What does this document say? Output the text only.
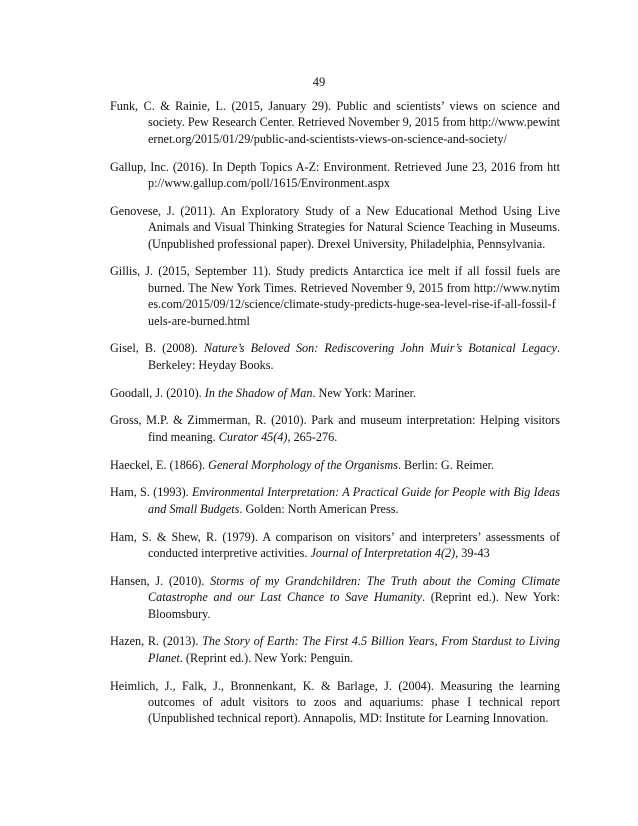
49

Funk, C. & Rainie, L. (2015, January 29). Public and scientists’ views on science and society. Pew Research Center. Retrieved November 9, 2015 from http://www.pewinternet.org/2015/01/29/public-and-scientists-views-on-science-and-society/

Gallup, Inc. (2016). In Depth Topics A-Z: Environment. Retrieved June 23, 2016 from http://www.gallup.com/poll/1615/Environment.aspx

Genovese, J. (2011). An Exploratory Study of a New Educational Method Using Live Animals and Visual Thinking Strategies for Natural Science Teaching in Museums. (Unpublished professional paper). Drexel University, Philadelphia, Pennsylvania.

Gillis, J. (2015, September 11). Study predicts Antarctica ice melt if all fossil fuels are burned. The New York Times. Retrieved November 9, 2015 from http://www.nytimes.com/2015/09/12/science/climate-study-predicts-huge-sea-level-rise-if-all-fossil-fuels-are-burned.html

Gisel, B. (2008). Nature’s Beloved Son: Rediscovering John Muir’s Botanical Legacy. Berkeley: Heyday Books.

Goodall, J. (2010). In the Shadow of Man. New York: Mariner.

Gross, M.P. & Zimmerman, R. (2010). Park and museum interpretation: Helping visitors find meaning. Curator 45(4), 265-276.

Haeckel, E. (1866). General Morphology of the Organisms. Berlin: G. Reimer.

Ham, S. (1993). Environmental Interpretation: A Practical Guide for People with Big Ideas and Small Budgets. Golden: North American Press.

Ham, S. & Shew, R. (1979). A comparison on visitors’ and interpreters’ assessments of conducted interpretive activities. Journal of Interpretation 4(2), 39-43

Hansen, J. (2010). Storms of my Grandchildren: The Truth about the Coming Climate Catastrophe and our Last Chance to Save Humanity. (Reprint ed.). New York: Bloomsbury.

Hazen, R. (2013). The Story of Earth: The First 4.5 Billion Years, From Stardust to Living Planet. (Reprint ed.). New York: Penguin.

Heimlich, J., Falk, J., Bronnenkant, K. & Barlage, J. (2004). Measuring the learning outcomes of adult visitors to zoos and aquariums: phase I technical report (Unpublished technical report). Annapolis, MD: Institute for Learning Innovation.
